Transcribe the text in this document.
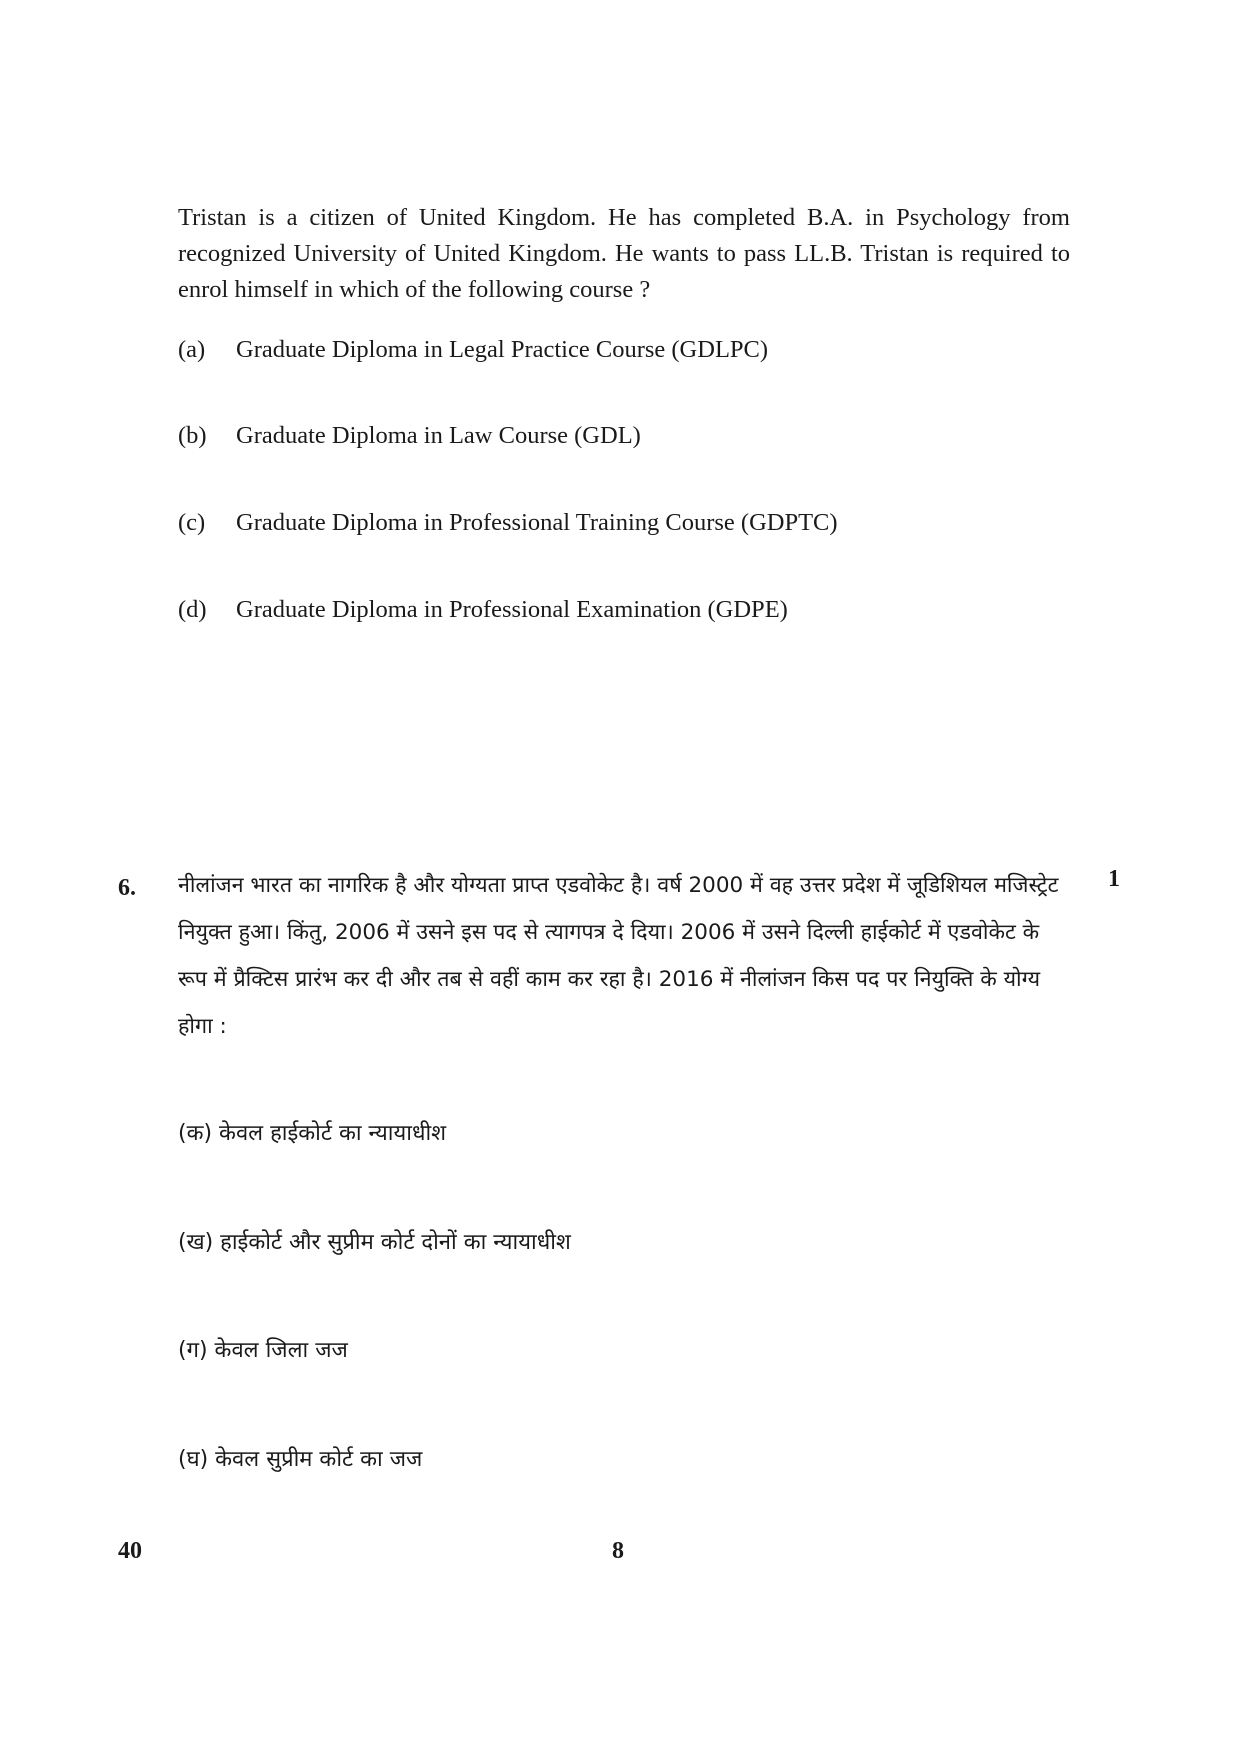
Tristan is a citizen of United Kingdom. He has completed B.A. in Psychology from recognized University of United Kingdom. He wants to pass LL.B. Tristan is required to enrol himself in which of the following course ?

(a) Graduate Diploma in Legal Practice Course (GDLPC)
(b) Graduate Diploma in Law Course (GDL)
(c) Graduate Diploma in Professional Training Course (GDPTC)
(d) Graduate Diploma in Professional Examination (GDPE)
6.	1

नीलांजन भारत का नागरिक है और योग्यता प्राप्त एडवोकेट है। वर्ष 2000 में वह उत्तर प्रदेश में जूडिशियल मजिस्ट्रेट नियुक्त हुआ। किंतु, 2006 में उसने इस पद से त्यागपत्र दे दिया। 2006 में उसने दिल्ली हाईकोर्ट में एडवोकेट के रूप में प्रैक्टिस प्रारंभ कर दी और तब से वहीं काम कर रहा है। 2016 में नीलांजन किस पद पर नियुक्ति के योग्य होगा :

(क) केवल हाईकोर्ट का न्यायाधीश
(ख) हाईकोर्ट और सुप्रीम कोर्ट दोनों का न्यायाधीश
(ग) केवल जिला जज
(घ) केवल सुप्रीम कोर्ट का जज
40	8
